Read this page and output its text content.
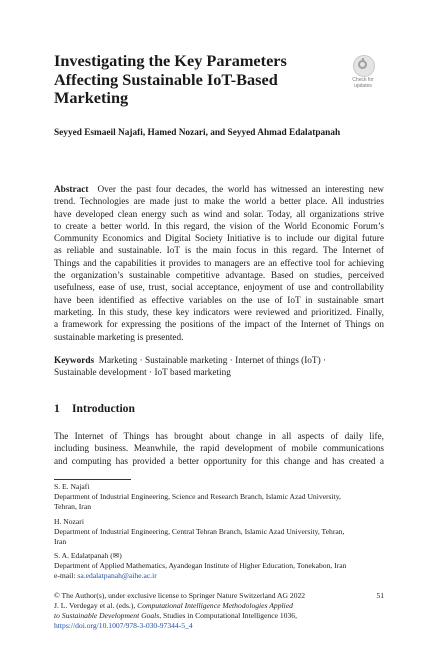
Investigating the Key Parameters
Affecting Sustainable IoT-Based
Marketing
Check for
updates

Seyyed Esmaeil Najafi, Hamed Nozari, and Seyyed Ahmad Edalatpanah

Abstract Over the past four decades, the world has witnessed an interesting new
trend. Technologies are made just to make the world a better place. All industries
have developed clean energy such as wind and solar. Today, all organizations strive
to create a better world. In this regard, the vision of the World Economic Forum’s
Community Economics and Digital Society Initiative is to include our digital future
as reliable and sustainable. IoT is the main focus in this regard. The Internet of
Things and the capabilities it provides to managers are an effective tool for achieving
the organization’s sustainable competitive advantage. Based on studies, perceived
usefulness, ease of use, trust, social acceptance, enjoyment of use and controllability
have been identified as effective variables on the use of IoT in sustainable smart
marketing. In this study, these key indicators were reviewed and prioritized. Finally,
a framework for expressing the positions of the impact of the Internet of Things on
sustainable marketing is presented.
Keywords Marketing · Sustainable marketing · Internet of things (IoT) ·
Sustainable development · IoT based marketing
1 Introduction
The Internet of Things has brought about change in all aspects of daily life,
including business. Meanwhile, the rapid development of mobile communications
and computing has provided a better opportunity for this change and has created a
S. E. Najafi
Department of Industrial Engineering, Science and Research Branch, Islamic Azad University,
Tehran, Iran
H. Nozari
Department of Industrial Engineering, Central Tehran Branch, Islamic Azad University, Tehran,
Iran
S. A. Edalatpanah (✉)
Department of Applied Mathematics, Ayandegan Institute of Higher Education, Tonekabon, Iran
e-mail: sa.edalatpanah@aihe.ac.ir
© The Author(s), under exclusive license to Springer Nature Switzerland AG 2022	51
J. L. Verdegay et al. (eds.), Computational Intelligence Methodologies Applied
to Sustainable Development Goals, Studies in Computational Intelligence 1036,
https://doi.org/10.1007/978-3-030-97344-5_4
